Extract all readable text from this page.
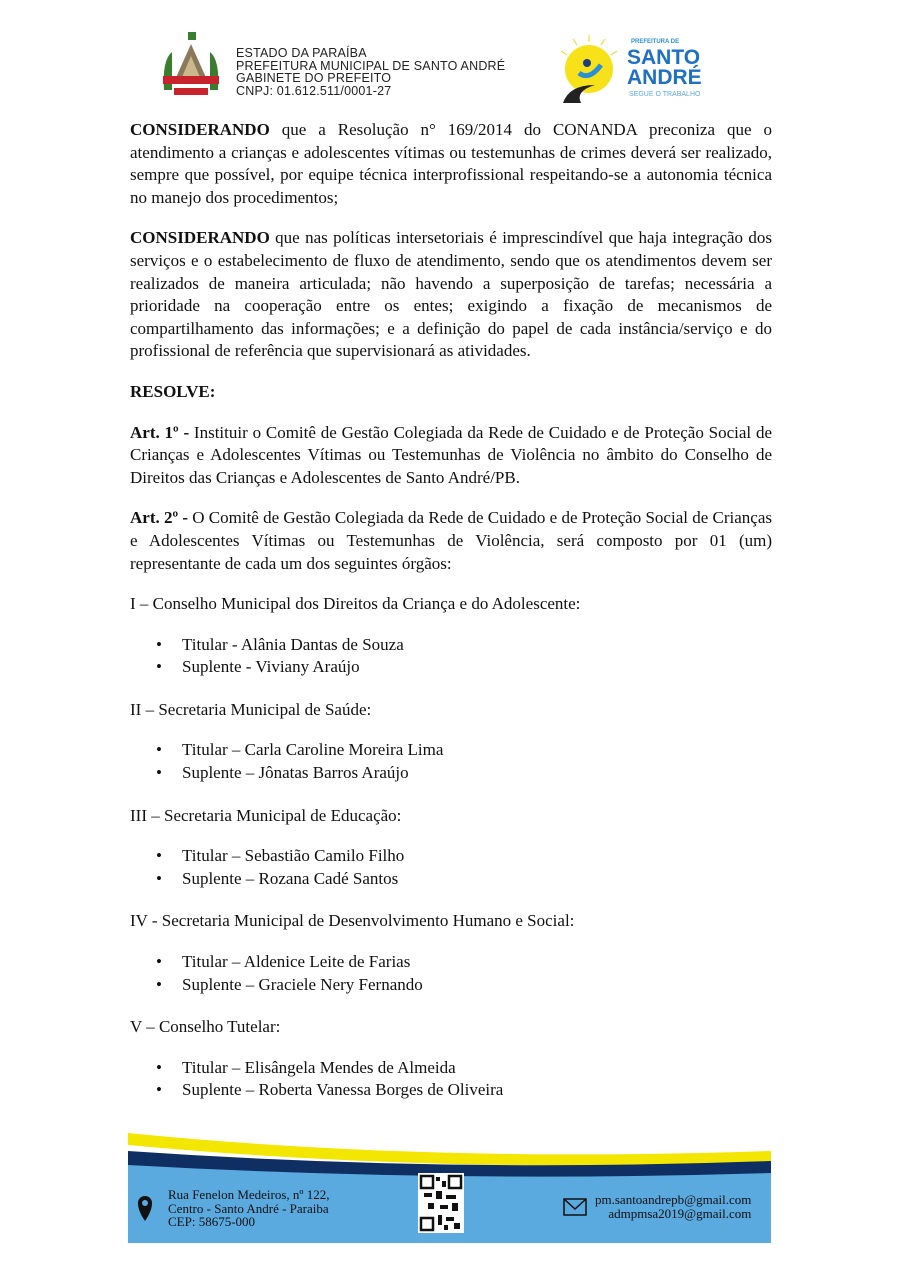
ESTADO DA PARAÍBA
PREFEITURA MUNICIPAL DE SANTO ANDRÉ
GABINETE DO PREFEITO
CNPJ: 01.612.511/0001-27
PREFEITURA DE
SANTO
ANDRÉ
SEGUE O TRABALHO
CONSIDERANDO que a Resolução n° 169/2014 do CONANDA preconiza que o atendimento a crianças e adolescentes vítimas ou testemunhas de crimes deverá ser realizado, sempre que possível, por equipe técnica interprofissional respeitando-se a autonomia técnica no manejo dos procedimentos;
CONSIDERANDO que nas políticas intersetoriais é imprescindível que haja integração dos serviços e o estabelecimento de fluxo de atendimento, sendo que os atendimentos devem ser realizados de maneira articulada; não havendo a superposição de tarefas; necessária a prioridade na cooperação entre os entes; exigindo a fixação de mecanismos de compartilhamento das informações; e a definição do papel de cada instância/serviço e do profissional de referência que supervisionará as atividades.
RESOLVE:
Art. 1º - Instituir o Comitê de Gestão Colegiada da Rede de Cuidado e de Proteção Social de Crianças e Adolescentes Vítimas ou Testemunhas de Violência no âmbito do Conselho de Direitos das Crianças e Adolescentes de Santo André/PB.
Art. 2º - O Comitê de Gestão Colegiada da Rede de Cuidado e de Proteção Social de Crianças e Adolescentes Vítimas ou Testemunhas de Violência, será composto por 01 (um) representante de cada um dos seguintes órgãos:
I – Conselho Municipal dos Direitos da Criança e do Adolescente:
• Titular - Alânia Dantas de Souza
• Suplente - Viviany Araújo
II – Secretaria Municipal de Saúde:
• Titular – Carla Caroline Moreira Lima
• Suplente – Jônatas Barros Araújo
III – Secretaria Municipal de Educação:
• Titular – Sebastião Camilo Filho
• Suplente – Rozana Cadé Santos
IV - Secretaria Municipal de Desenvolvimento Humano e Social:
• Titular – Aldenice Leite de Farias
• Suplente – Graciele Nery Fernando
V – Conselho Tutelar:
• Titular – Elisângela Mendes de Almeida
• Suplente – Roberta Vanessa Borges de Oliveira
Rua Fenelon Medeiros, nº 122,
Centro - Santo André - Paraiba
CEP: 58675-000
pm.santoandrepb@gmail.com
admpmsa2019@gmail.com
